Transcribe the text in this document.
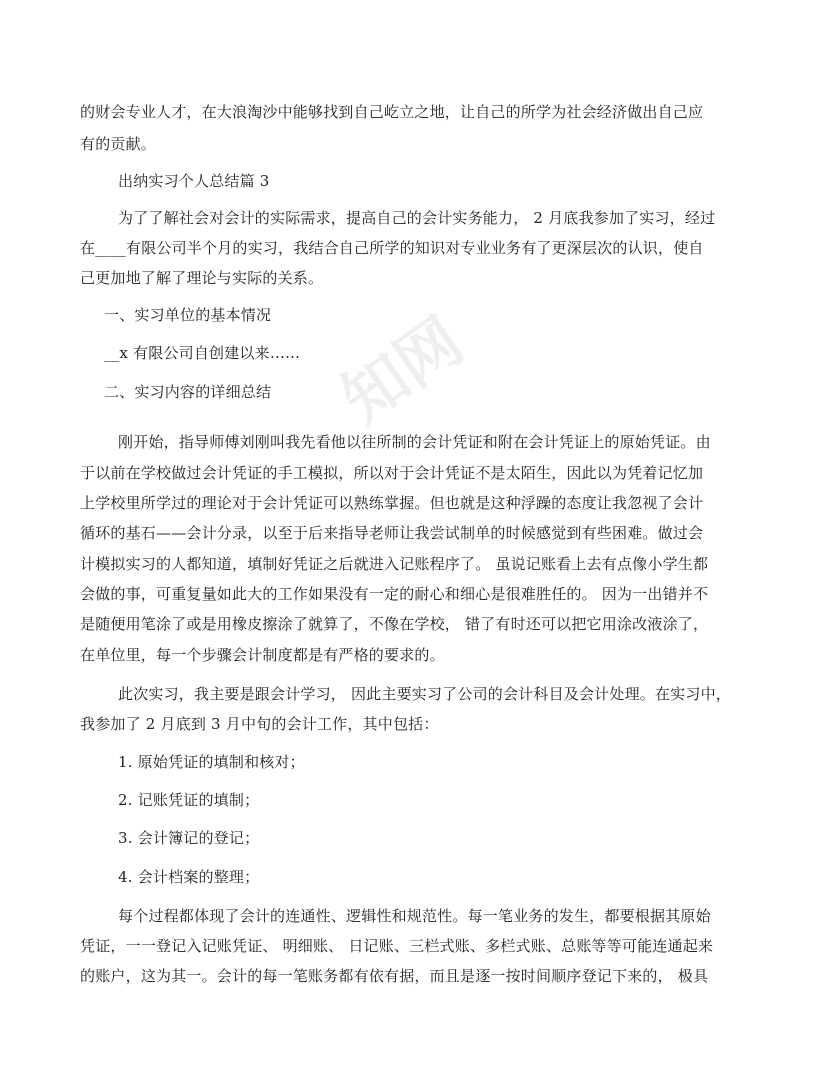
知网
的财会专业人才，在大浪淘沙中能够找到自己屹立之地，让自己的所学为社会经济做出自己应
有的贡献。
出纳实习个人总结篇 3
为了了解社会对会计的实际需求，提高自己的会计实务能力， 2 月底我参加了实习，经过
在____有限公司半个月的实习，我结合自己所学的知识对专业业务有了更深层次的认识，使自
己更加地了解了理论与实际的关系。
一、实习单位的基本情况
__x 有限公司自创建以来……
二、实习内容的详细总结
刚开始，指导师傅刘刚叫我先看他以往所制的会计凭证和附在会计凭证上的原始凭证。由
于以前在学校做过会计凭证的手工模拟，所以对于会计凭证不是太陌生，因此以为凭着记忆加
上学校里所学过的理论对于会计凭证可以熟练掌握。但也就是这种浮躁的态度让我忽视了会计
循环的基石——会计分录，以至于后来指导老师让我尝试制单的时候感觉到有些困难。做过会
计模拟实习的人都知道，填制好凭证之后就进入记账程序了。 虽说记账看上去有点像小学生都
会做的事，可重复量如此大的工作如果没有一定的耐心和细心是很难胜任的。 因为一出错并不
是随便用笔涂了或是用橡皮擦涂了就算了，不像在学校， 错了有时还可以把它用涂改液涂了，
在单位里，每一个步骤会计制度都是有严格的要求的。
此次实习，我主要是跟会计学习， 因此主要实习了公司的会计科目及会计处理。在实习中，
我参加了 2 月底到 3 月中旬的会计工作，其中包括：
1. 原始凭证的填制和核对；
2. 记账凭证的填制；
3. 会计簿记的登记；
4. 会计档案的整理；
每个过程都体现了会计的连通性、逻辑性和规范性。每一笔业务的发生，都要根据其原始
凭证，一一登记入记账凭证、 明细账、 日记账、三栏式账、多栏式账、总账等等可能连通起来
的账户，这为其一。会计的每一笔账务都有依有据，而且是逐一按时间顺序登记下来的， 极具
